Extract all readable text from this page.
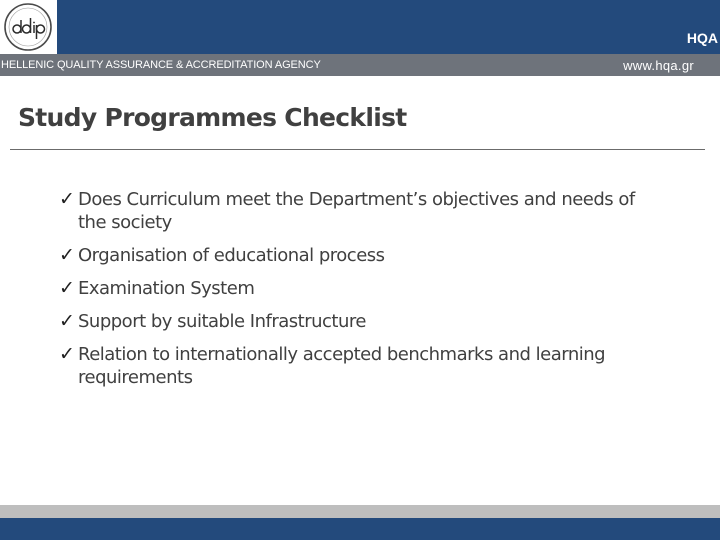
HQA
HELLENIC QUALITY ASSURANCE & ACCREDITATION AGENCY	www.hqa.gr
Study Programmes Checklist
✓ Does Curriculum meet the Department’s objectives and needs of the society
✓ Organisation of educational process
✓ Examination System
✓ Support by suitable Infrastructure
✓ Relation to internationally accepted benchmarks and learning requirements
